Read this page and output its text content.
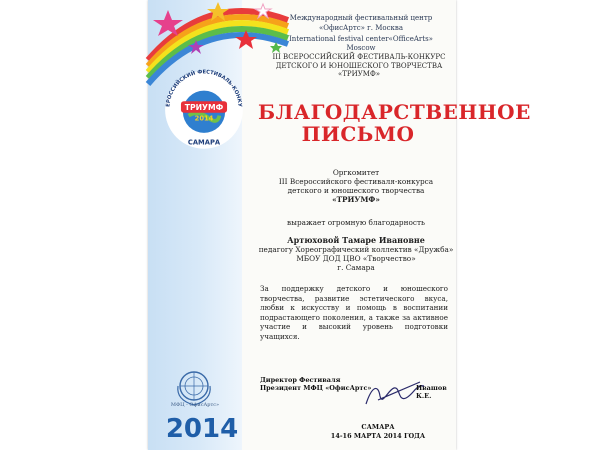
Международный фестивальный центр
«ОфисАртс» г. Москва
International festival center«OfficeArts» Moscow
III ВСЕРОССИЙСКИЙ ФЕСТИВАЛЬ-КОНКУРС
ДЕТСКОГО И ЮНОШЕСКОГО ТВОРЧЕСТВА
«ТРИУМФ»
ТРИУМФ
2014
ЕРОССИЙСКИЙ ФЕСТИВАЛЬ-КОНКУ
САМАРА
БЛАГОДАРСТВЕННОЕ
ПИСЬМО
Оргкомитет
III Всероссийского фестиваля-конкурса
детского и юношеского творчества
«ТРИУМФ»
выражает огромную благодарность
Артюховой Тамаре Ивановне
педагогу Хореографический коллектив «Дружба»
МБОУ ДОД ЦВО «Творчество»
г. Самара
За поддержку детского и юношеского творчества, развитие эстетического вкуса, любви к искусству и помощь в воспитании подрастающего поколения, а также за активное участие и высокий уровень подготовки учащихся.
Директор Фестиваля
Президент МФЦ «ОфисАртс»	Ивашов К.Е.
МФЦ - ОфисАртс»
2014	САМАРА
14-16 МАРТА 2014 ГОДА
